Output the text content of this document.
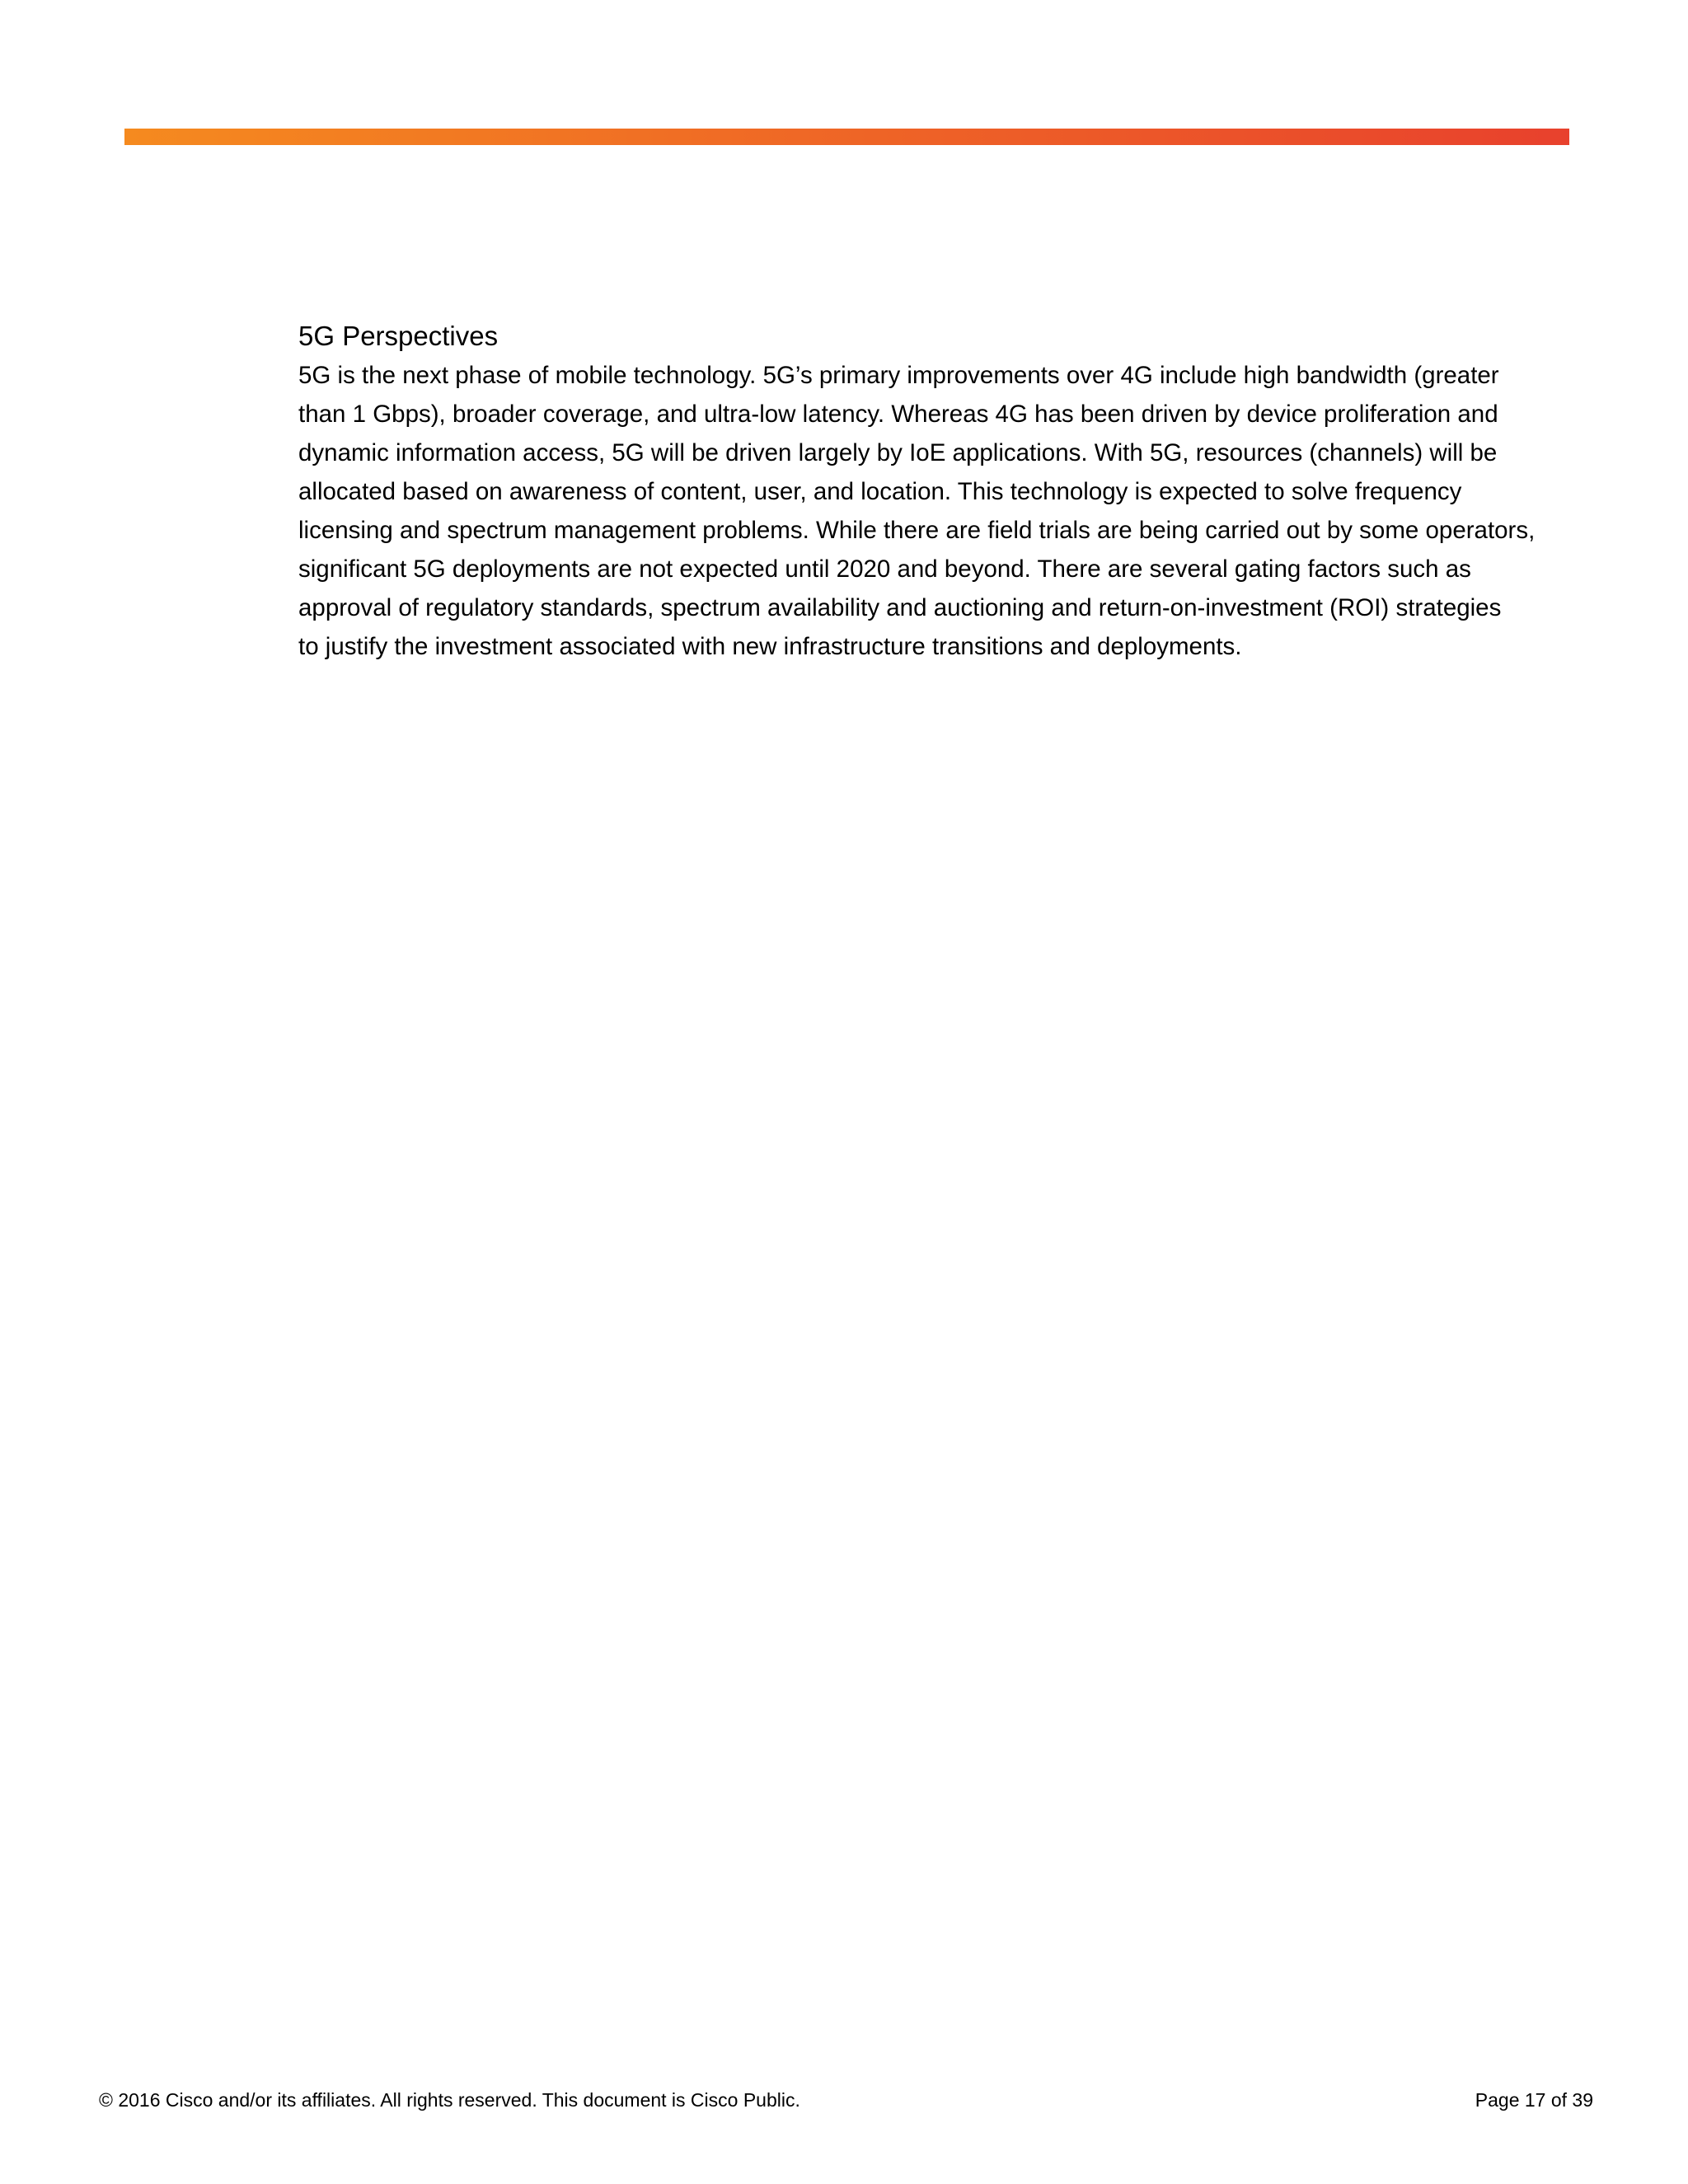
5G Perspectives

5G is the next phase of mobile technology. 5G’s primary improvements over 4G include high bandwidth (greater

than 1 Gbps), broader coverage, and ultra-low latency. Whereas 4G has been driven by device proliferation and

dynamic information access, 5G will be driven largely by IoE applications. With 5G, resources (channels) will be

allocated based on awareness of content, user, and location. This technology is expected to solve frequency

licensing and spectrum management problems. While there are field trials are being carried out by some operators,

significant 5G deployments are not expected until 2020 and beyond. There are several gating factors such as

approval of regulatory standards, spectrum availability and auctioning and return-on-investment (ROI) strategies

to justify the investment associated with new infrastructure transitions and deployments.

© 2016 Cisco and/or its affiliates. All rights reserved. This document is Cisco Public.	Page 17 of 39
